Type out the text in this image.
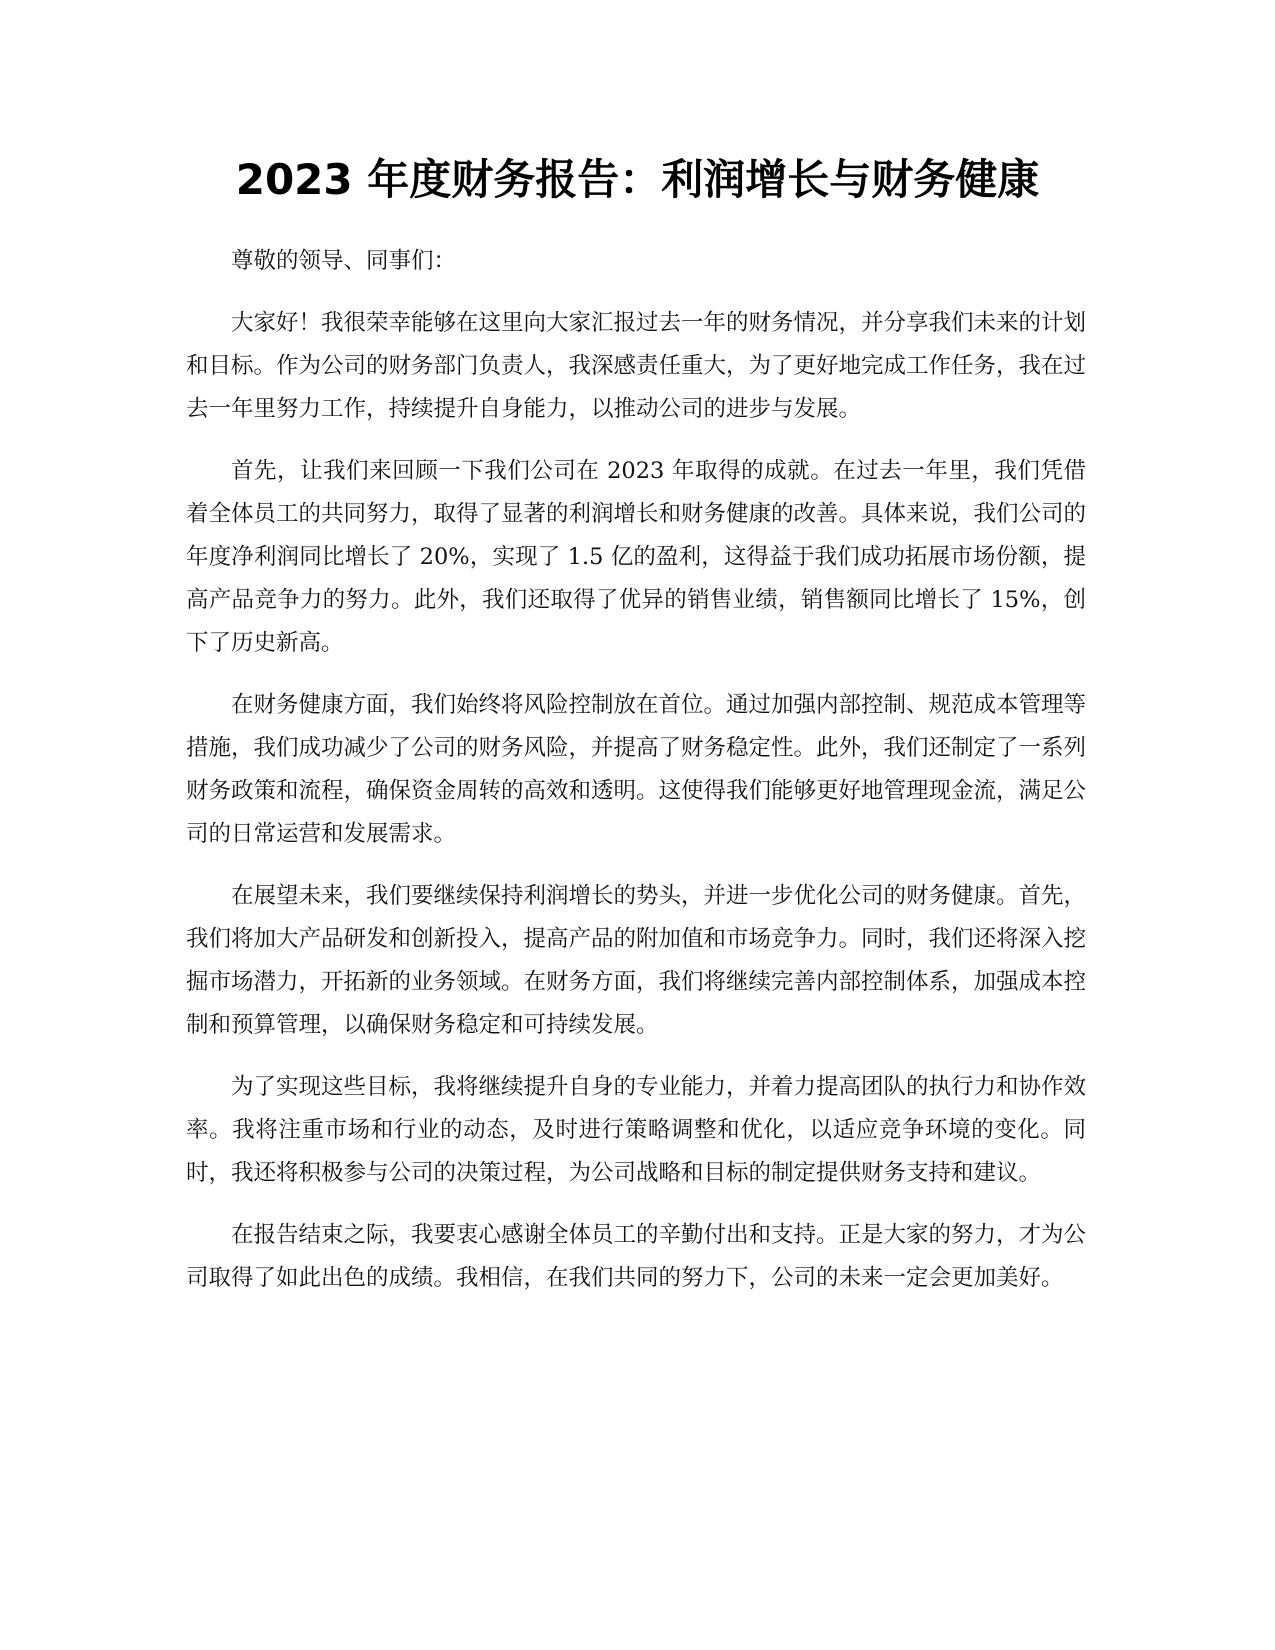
2023 年度财务报告：利润增长与财务健康

尊敬的领导、同事们：

大家好！我很荣幸能够在这里向大家汇报过去一年的财务情况，并分享我们未来的计划和目标。作为公司的财务部门负责人，我深感责任重大，为了更好地完成工作任务，我在过去一年里努力工作，持续提升自身能力，以推动公司的进步与发展。

首先，让我们来回顾一下我们公司在 2023 年取得的成就。在过去一年里，我们凭借着全体员工的共同努力，取得了显著的利润增长和财务健康的改善。具体来说，我们公司的年度净利润同比增长了 20%，实现了 1.5 亿的盈利，这得益于我们成功拓展市场份额，提高产品竞争力的努力。此外，我们还取得了优异的销售业绩，销售额同比增长了 15%，创下了历史新高。

在财务健康方面，我们始终将风险控制放在首位。通过加强内部控制、规范成本管理等措施，我们成功减少了公司的财务风险，并提高了财务稳定性。此外，我们还制定了一系列财务政策和流程，确保资金周转的高效和透明。这使得我们能够更好地管理现金流，满足公司的日常运营和发展需求。

在展望未来，我们要继续保持利润增长的势头，并进一步优化公司的财务健康。首先，我们将加大产品研发和创新投入，提高产品的附加值和市场竞争力。同时，我们还将深入挖掘市场潜力，开拓新的业务领域。在财务方面，我们将继续完善内部控制体系，加强成本控制和预算管理，以确保财务稳定和可持续发展。

为了实现这些目标，我将继续提升自身的专业能力，并着力提高团队的执行力和协作效率。我将注重市场和行业的动态，及时进行策略调整和优化，以适应竞争环境的变化。同时，我还将积极参与公司的决策过程，为公司战略和目标的制定提供财务支持和建议。

在报告结束之际，我要衷心感谢全体员工的辛勤付出和支持。正是大家的努力，才为公司取得了如此出色的成绩。我相信，在我们共同的努力下，公司的未来一定会更加美好。
